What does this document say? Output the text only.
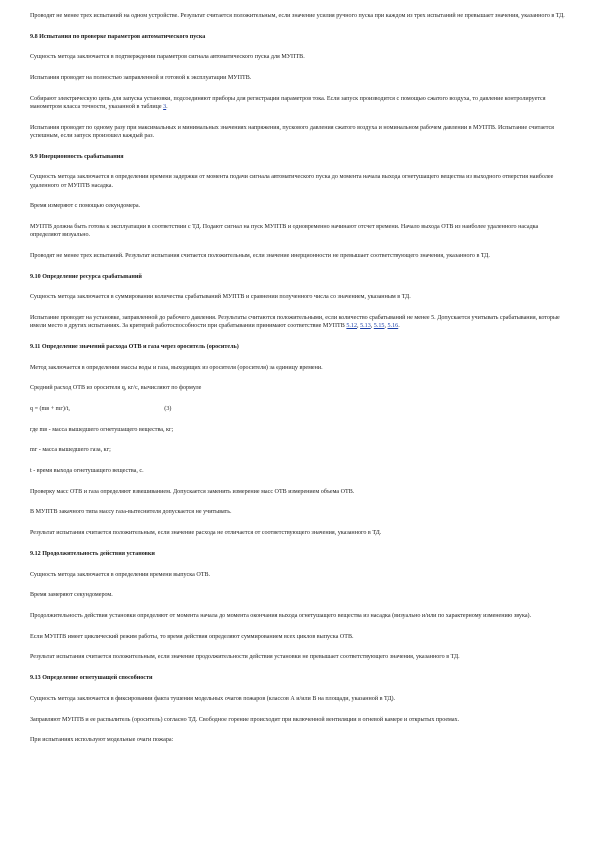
Проводят не менее трех испытаний на одном устройстве. Результат считается положительным, если значение усилия ручного пуска при каждом из трех испытаний не превышает значения, указанного в ТД.

9.8 Испытания по проверке параметров автоматического пуска

Сущность метода заключается в подтверждении параметров сигнала автоматического пуска для МУПТВ.

Испытания проводят на полностью заправленной и готовой к эксплуатации МУПТВ.

Собирают электрическую цепь для запуска установки, подсоединяют приборы для регистрации параметров тока. Если запуск производится с помощью сжатого воздуха, то давление контролируется манометром класса точности, указанной в таблице 3.

Испытания проводят по одному разу при максимальных и минимальных значениях напряжения, пускового давления сжатого воздуха и номинальном рабочем давлении в МУПТВ. Испытание считается успешным, если запуск произошел каждый раз.

9.9 Инерционность срабатывания

Сущность метода заключается в определении времени задержки от момента подачи сигнала автоматического пуска до момента начала выхода огнетушащего вещества из выходного отверстия наиболее удаленного от МУПТВ насадка.

Время измеряют с помощью секундомера.

МУПТВ должна быть готова к эксплуатации в соответствии с ТД. Подают сигнал на пуск МУПТВ и одновременно начинают отсчет времени. Начало выхода ОТВ из наиболее удаленного насадка определяют визуально.

Проводят не менее трех испытаний. Результат испытания считается положительным, если значение инерционности не превышает соответствующего значения, указанного в ТД.

9.10 Определение ресурса срабатываний

Сущность метода заключается в суммировании количества срабатываний МУПТВ и сравнении полученного числа со значением, указанным в ТД.

Испытание проводят на установке, заправленной до рабочего давления. Результаты считаются положительными, если количество срабатываний не менее 5. Допускается учитывать срабатывания, которые имели место в других испытаниях. За критерий работоспособности при срабатывании принимают соответствие МУПТВ 5.12, 5.13, 5.15, 5.16.

9.11 Определение значений расхода ОТВ и газа через ороситель (ороситель)

Метод заключается в определении массы воды и газа, выходящих из оросителя (оросителя) за единицу времени.

Средний расход ОТВ из оросителя q, кг/с, вычисляют по формуле

q = (mв + mг)/t,                                                              (3)

где mв - масса вышедшего огнетушащего вещества, кг;

mг - масса вышедшего газа, кг;

t - время выхода огнетушащего вещества, с.

Проверку масс ОТВ и газа определяют взвешиванием. Допускается заменить измерение масс ОТВ измерением объема ОТВ.

В МУПТВ закачного типа массу газа-вытеснителя допускается не учитывать.

Результат испытания считается положительным, если значение расхода не отличается от соответствующего значения, указанного в ТД.

9.12 Продолжительность действия установки

Сущность метода заключается в определении времени выпуска ОТВ.

Время замеряют секундомером.

Продолжительность действия установки определяют от момента начала до момента окончания выхода огнетушащего вещества из насадка (визуально и/или по характерному изменению звука).

Если МУПТВ имеет циклический режим работы, то время действия определяют суммированием всех циклов выпуска ОТВ.

Результат испытания считается положительным, если значение продолжительности действия установки не превышает соответствующего значения, указанного в ТД.

9.13 Определение огнетушащей способности

Сущность метода заключается в фиксировании факта тушения модельных очагов пожаров (классов А и/или В на площади, указанной в ТД).

Заправляют МУПТВ и ее распылитель (ороситель) согласно ТД. Свободное горение происходит при включенной вентиляции в огневой камере и открытых проемах.

При испытаниях используют модельные очаги пожара:
